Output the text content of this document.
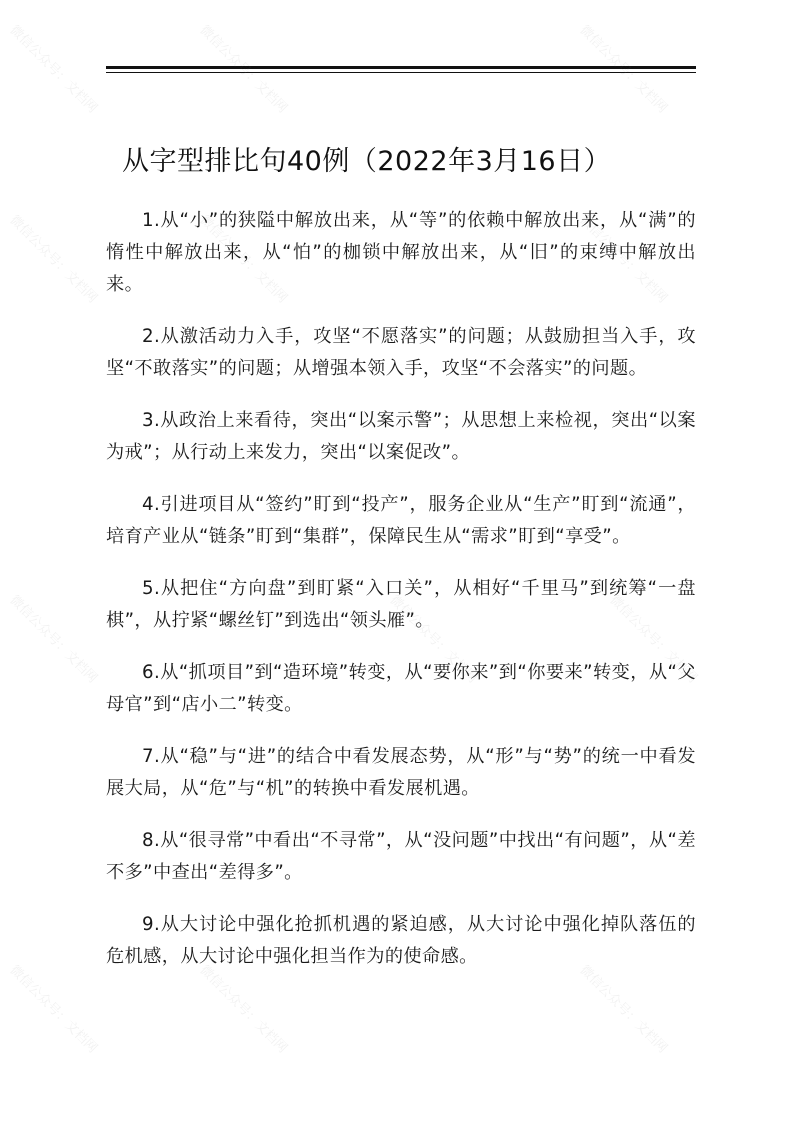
从字型排比句40例（2022年3月16日）

1.从“小”的狭隘中解放出来，从“等”的依赖中解放出来，从“满”的惰性中解放出来，从“怕”的枷锁中解放出来，从“旧”的束缚中解放出来。

2.从激活动力入手，攻坚“不愿落实”的问题；从鼓励担当入手，攻坚“不敢落实”的问题；从增强本领入手，攻坚“不会落实”的问题。

3.从政治上来看待，突出“以案示警”；从思想上来检视，突出“以案为戒”；从行动上来发力，突出“以案促改”。

4.引进项目从“签约”盯到“投产”，服务企业从“生产”盯到“流通”，培育产业从“链条”盯到“集群”，保障民生从“需求”盯到“享受”。

5.从把住“方向盘”到盯紧“入口关”，从相好“千里马”到统筹“一盘棋”，从拧紧“螺丝钉”到选出“领头雁”。

6.从“抓项目”到“造环境”转变，从“要你来”到“你要来”转变，从“父母官”到“店小二”转变。

7.从“稳”与“进”的结合中看发展态势，从“形”与“势”的统一中看发展大局，从“危”与“机”的转换中看发展机遇。

8.从“很寻常”中看出“不寻常”，从“没问题”中找出“有问题”，从“差不多”中查出“差得多”。

9.从大讨论中强化抢抓机遇的紧迫感，从大讨论中强化掉队落伍的危机感，从大讨论中强化担当作为的使命感。

微信公众号：文档网	微信公众号：文档网	微信公众号：文档网
微信公众号：文档网	微信公众号：文档网	微信公众号：文档网
微信公众号：文档网	微信公众号：文档网	微信公众号：文档网
微信公众号：文档网	微信公众号：文档网	微信公众号：文档网
